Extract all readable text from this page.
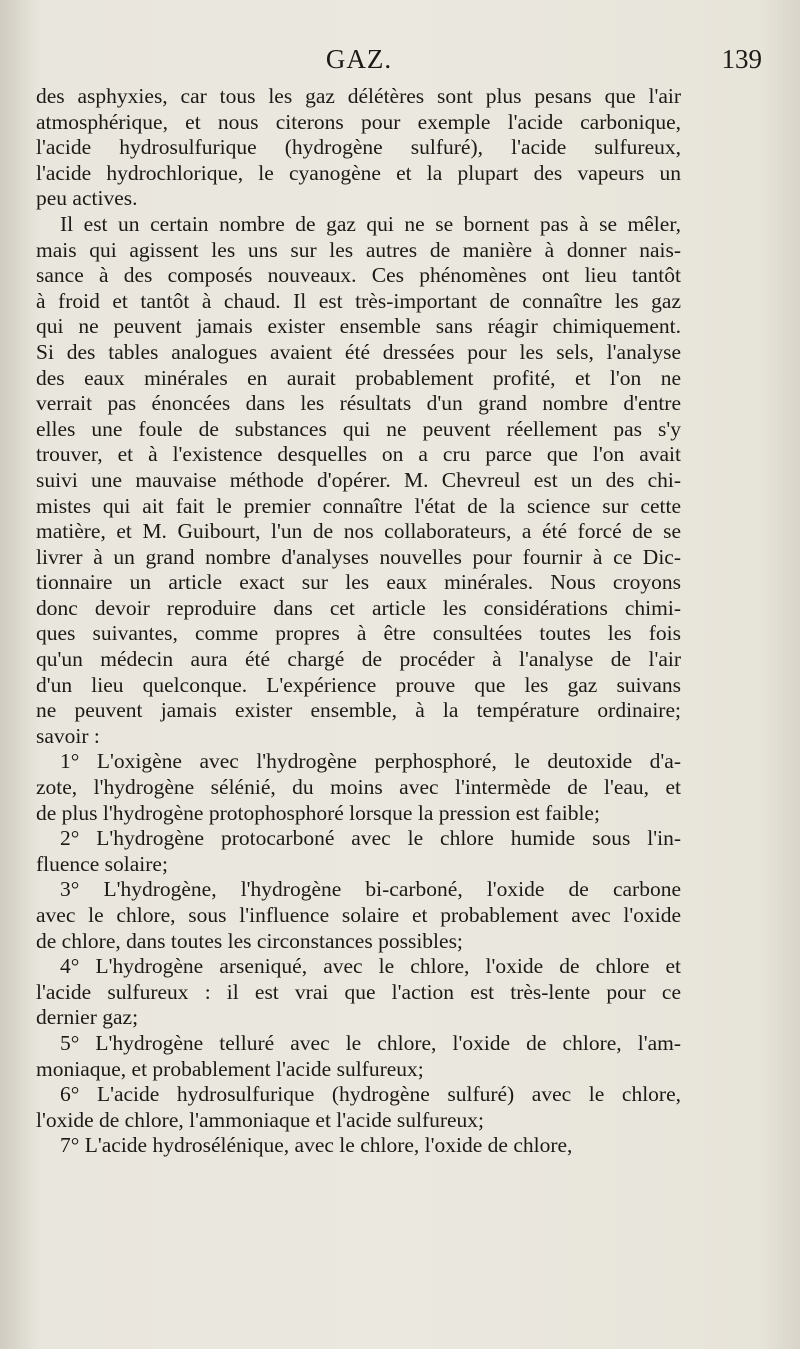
GAZ.	139

des asphyxies, car tous les gaz délétères sont plus pesans que l'air

atmosphérique, et nous citerons pour exemple l'acide carbonique,

l'acide hydrosulfurique (hydrogène sulfuré), l'acide sulfureux,

l'acide hydrochlorique, le cyanogène et la plupart des vapeurs un

peu actives.

Il est un certain nombre de gaz qui ne se bornent pas à se mêler,

mais qui agissent les uns sur les autres de manière à donner nais-

sance à des composés nouveaux. Ces phénomènes ont lieu tantôt

à froid et tantôt à chaud. Il est très-important de connaître les gaz

qui ne peuvent jamais exister ensemble sans réagir chimiquement.

Si des tables analogues avaient été dressées pour les sels, l'analyse

des eaux minérales en aurait probablement profité, et l'on ne

verrait pas énoncées dans les résultats d'un grand nombre d'entre

elles une foule de substances qui ne peuvent réellement pas s'y

trouver, et à l'existence desquelles on a cru parce que l'on avait

suivi une mauvaise méthode d'opérer. M. Chevreul est un des chi-

mistes qui ait fait le premier connaître l'état de la science sur cette

matière, et M. Guibourt, l'un de nos collaborateurs, a été forcé de se

livrer à un grand nombre d'analyses nouvelles pour fournir à ce Dic-

tionnaire un article exact sur les eaux minérales. Nous croyons

donc devoir reproduire dans cet article les considérations chimi-

ques suivantes, comme propres à être consultées toutes les fois

qu'un médecin aura été chargé de procéder à l'analyse de l'air

d'un lieu quelconque. L'expérience prouve que les gaz suivans

ne peuvent jamais exister ensemble, à la température ordinaire;

savoir :

1° L'oxigène avec l'hydrogène perphosphoré, le deutoxide d'a-

zote, l'hydrogène sélénié, du moins avec l'intermède de l'eau, et

de plus l'hydrogène protophosphoré lorsque la pression est faible;

2° L'hydrogène protocarboné avec le chlore humide sous l'in-

fluence solaire;

3° L'hydrogène, l'hydrogène bi-carboné, l'oxide de carbone

avec le chlore, sous l'influence solaire et probablement avec l'oxide

de chlore, dans toutes les circonstances possibles;

4° L'hydrogène arseniqué, avec le chlore, l'oxide de chlore et

l'acide sulfureux : il est vrai que l'action est très-lente pour ce

dernier gaz;

5° L'hydrogène telluré avec le chlore, l'oxide de chlore, l'am-

moniaque, et probablement l'acide sulfureux;

6° L'acide hydrosulfurique (hydrogène sulfuré) avec le chlore,

l'oxide de chlore, l'ammoniaque et l'acide sulfureux;

7° L'acide hydrosélénique, avec le chlore, l'oxide de chlore,
